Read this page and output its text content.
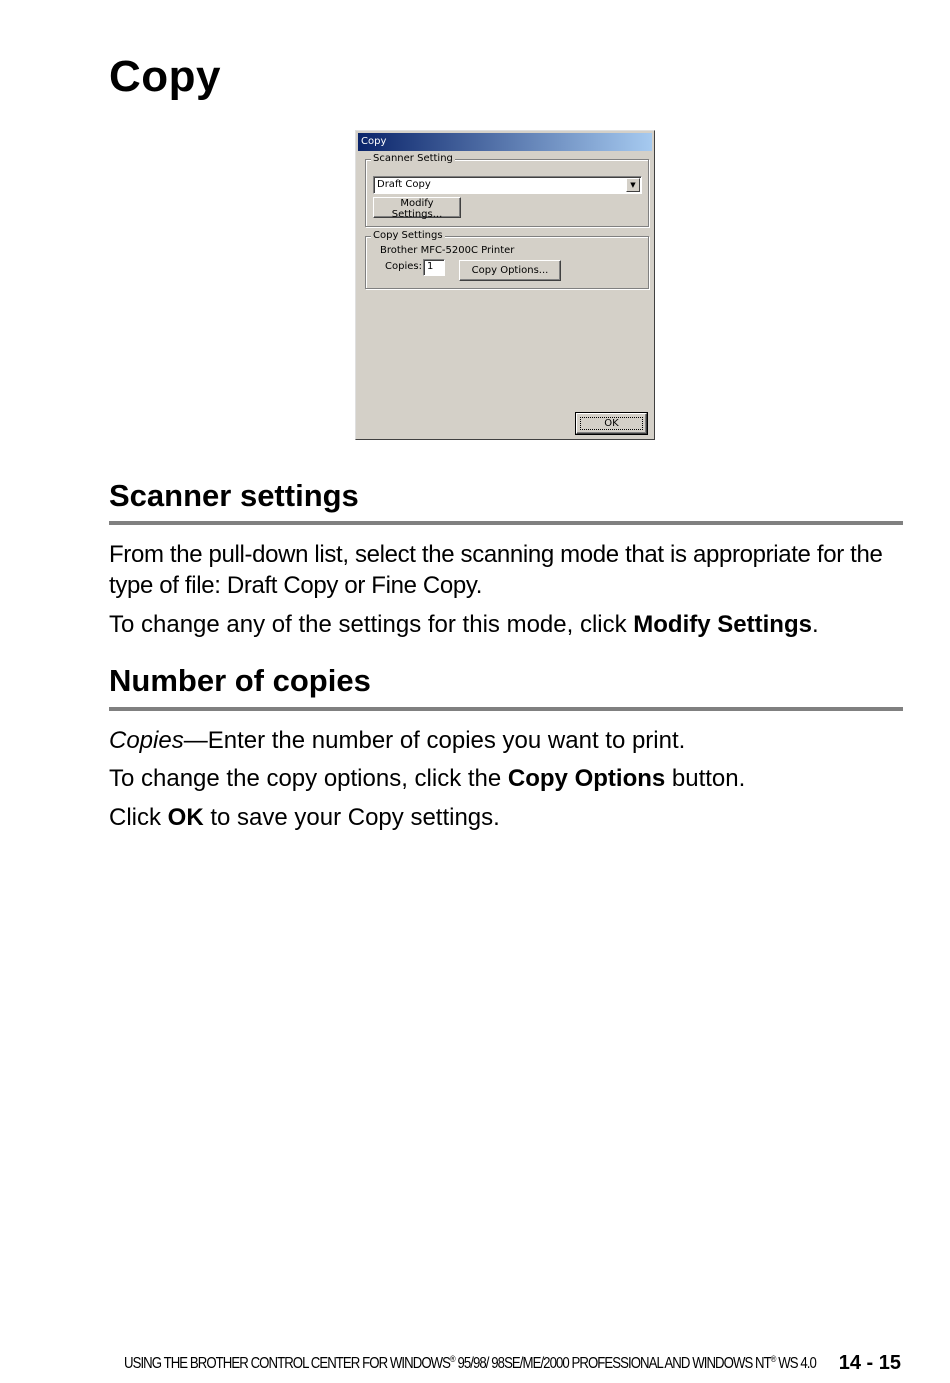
Copy
Copy
Scanner Setting
Draft Copy	▼
Modify Settings...
Copy Settings
Brother MFC-5200C Printer
Copies: 1	Copy Options...
OK
Scanner settings

From the pull-down list, select the scanning mode that is appropriate for the type of file: Draft Copy or Fine Copy.

To change any of the settings for this mode, click Modify Settings.

Number of copies

Copies—Enter the number of copies you want to print.

To change the copy options, click the Copy Options button.

Click OK to save your Copy settings.

USING THE BROTHER CONTROL CENTER FOR WINDOWS® 95/98/ 98SE/ME/2000 PROFESSIONAL AND WINDOWS NT® WS 4.0 14 - 15
